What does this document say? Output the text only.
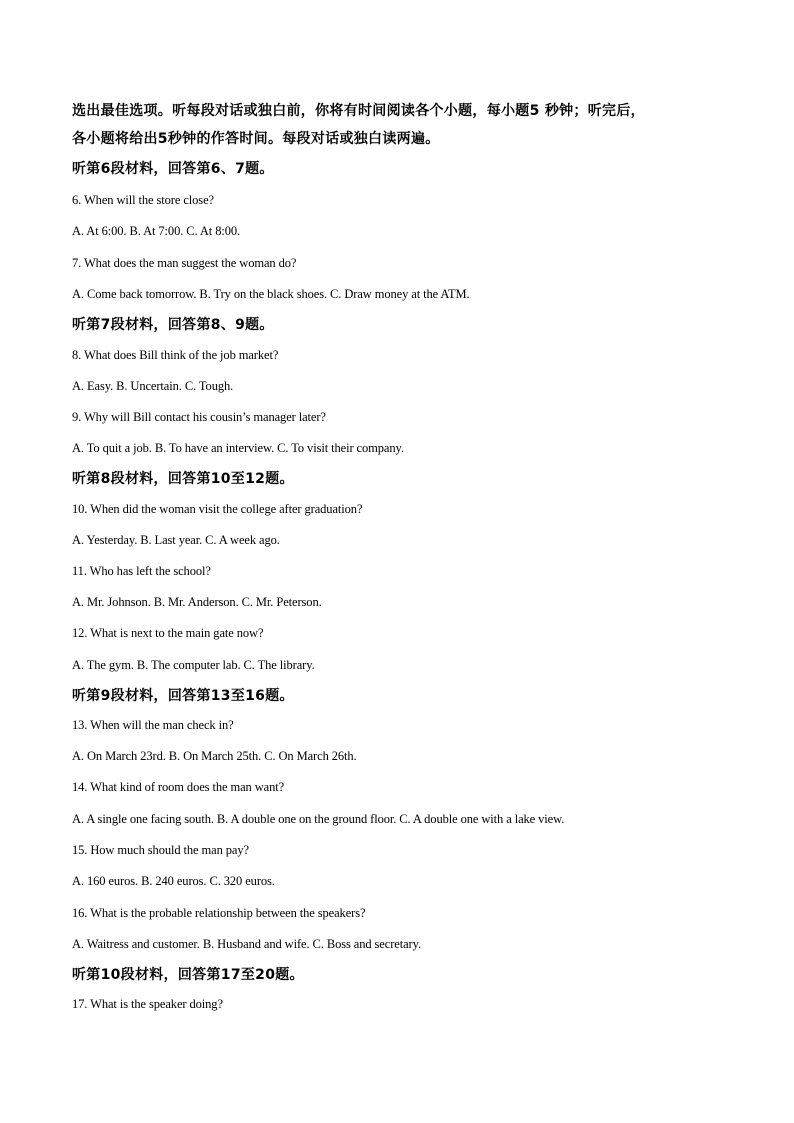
选出最佳选项。听每段对话或独白前，你将有时间阅读各个小题，每小题5 秒钟；听完后，
各小题将给出5秒钟的作答时间。每段对话或独白读两遍。
听第6段材料，回答第6、7题。
6. When will the store close?
A. At 6:00. B. At 7:00. C. At 8:00.
7. What does the man suggest the woman do?
A. Come back tomorrow. B. Try on the black shoes. C. Draw money at the ATM.
听第7段材料，回答第8、9题。
8. What does Bill think of the job market?
A. Easy. B. Uncertain. C. Tough.
9. Why will Bill contact his cousin’s manager later?
A. To quit a job. B. To have an interview. C. To visit their company.
听第8段材料，回答第10至12题。
10. When did the woman visit the college after graduation?
A. Yesterday. B. Last year. C. A week ago.
11. Who has left the school?
A. Mr. Johnson. B. Mr. Anderson. C. Mr. Peterson.
12. What is next to the main gate now?
A. The gym. B. The computer lab. C. The library.
听第9段材料，回答第13至16题。
13. When will the man check in?
A. On March 23rd. B. On March 25th. C. On March 26th.
14. What kind of room does the man want?
A. A single one facing south. B. A double one on the ground floor. C. A double one with a lake view.
15. How much should the man pay?
A. 160 euros. B. 240 euros. C. 320 euros.
16. What is the probable relationship between the speakers?
A. Waitress and customer. B. Husband and wife. C. Boss and secretary.
听第10段材料，回答第17至20题。
17. What is the speaker doing?
